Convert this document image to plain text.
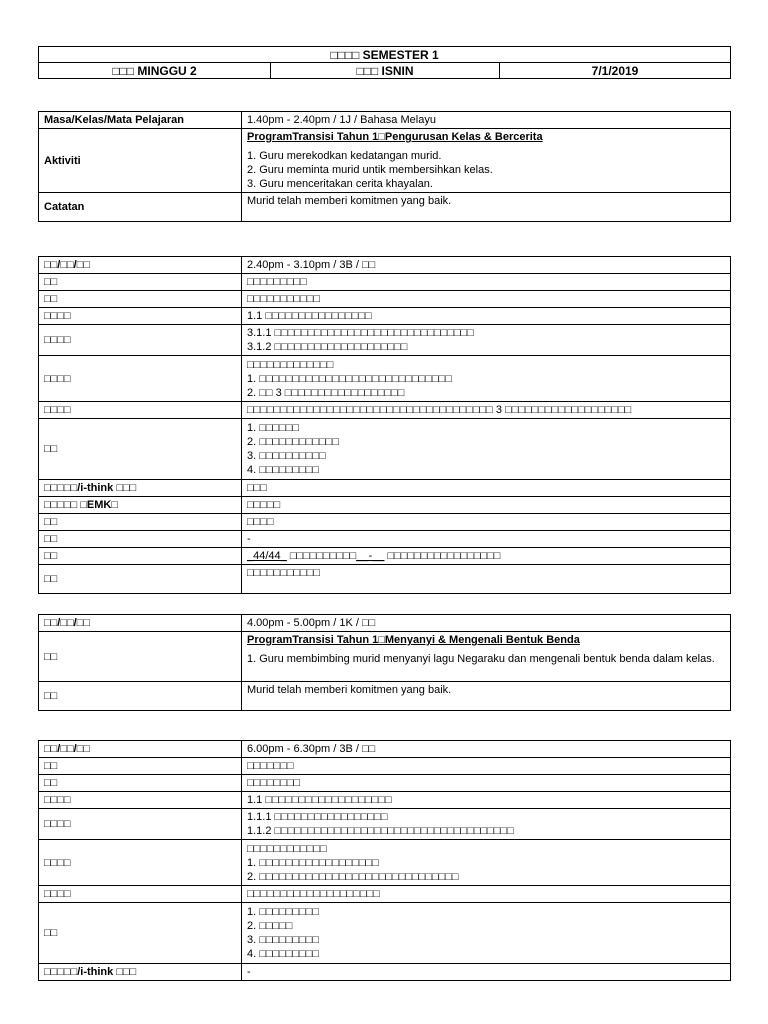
□□□□ SEMESTER 1
□□□ MINGGU 2	□□□ ISNIN	7/1/2019
Masa/Kelas/Mata Pelajaran	1.40pm - 2.40pm / 1J / Bahasa Melayu
Aktiviti	ProgramTransisi Tahun 1□Pengurusan Kelas & Bercerita
1. Guru merekodkan kedatangan murid.
2. Guru meminta murid untik membersihkan kelas.
3. Guru menceritakan cerita khayalan.

Catatan	Murid telah memberi komitmen yang baik.
□□/□□/□□	2.40pm - 3.10pm / 3B / □□
□□	□□□□□□□□□
□□	□□□□□□□□□□□
□□□□	1.1 □□□□□□□□□□□□□□□□
□□□□	3.1.1 □□□□□□□□□□□□□□□□□□□□□□□□□□□□□□
3.1.2 □□□□□□□□□□□□□□□□□□□□

□□□□	□□□□□□□□□□□□□
1. □□□□□□□□□□□□□□□□□□□□□□□□□□□□□
2. □□ 3 □□□□□□□□□□□□□□□□□□

□□□□	□□□□□□□□□□□□□□□□□□□□□□□□□□□□□□□□□□□□□ 3 □□□□□□□□□□□□□□□□□□□
□□	1. □□□□□□
2. □□□□□□□□□□□□
3. □□□□□□□□□□
4. □□□□□□□□□

□□□□□/i-think □□□	□□□
□□□□□ □EMK□	□□□□□
□□	□□□□
□□	-
□□	_44/44_ □□□□□□□□□□__-__ □□□□□□□□□□□□□□□□□
□□	□□□□□□□□□□□
□□/□□/□□	4.00pm - 5.00pm / 1K / □□
□□	ProgramTransisi Tahun 1□Menyanyi & Mengenali Bentuk Benda
1. Guru membimbing murid menyanyi lagu Negaraku dan mengenali bentuk benda dalam kelas.

□□	Murid telah memberi komitmen yang baik.
□□/□□/□□	6.00pm - 6.30pm / 3B / □□
□□	□□□□□□□
□□	□□□□□□□□
□□□□	1.1 □□□□□□□□□□□□□□□□□□□
□□□□	1.1.1 □□□□□□□□□□□□□□□□□
1.1.2 □□□□□□□□□□□□□□□□□□□□□□□□□□□□□□□□□□□□

□□□□	□□□□□□□□□□□□
1. □□□□□□□□□□□□□□□□□□
2. □□□□□□□□□□□□□□□□□□□□□□□□□□□□□□

□□□□	□□□□□□□□□□□□□□□□□□□□
□□	1. □□□□□□□□□
2. □□□□□
3. □□□□□□□□□
4. □□□□□□□□□

□□□□□/i-think □□□	-
